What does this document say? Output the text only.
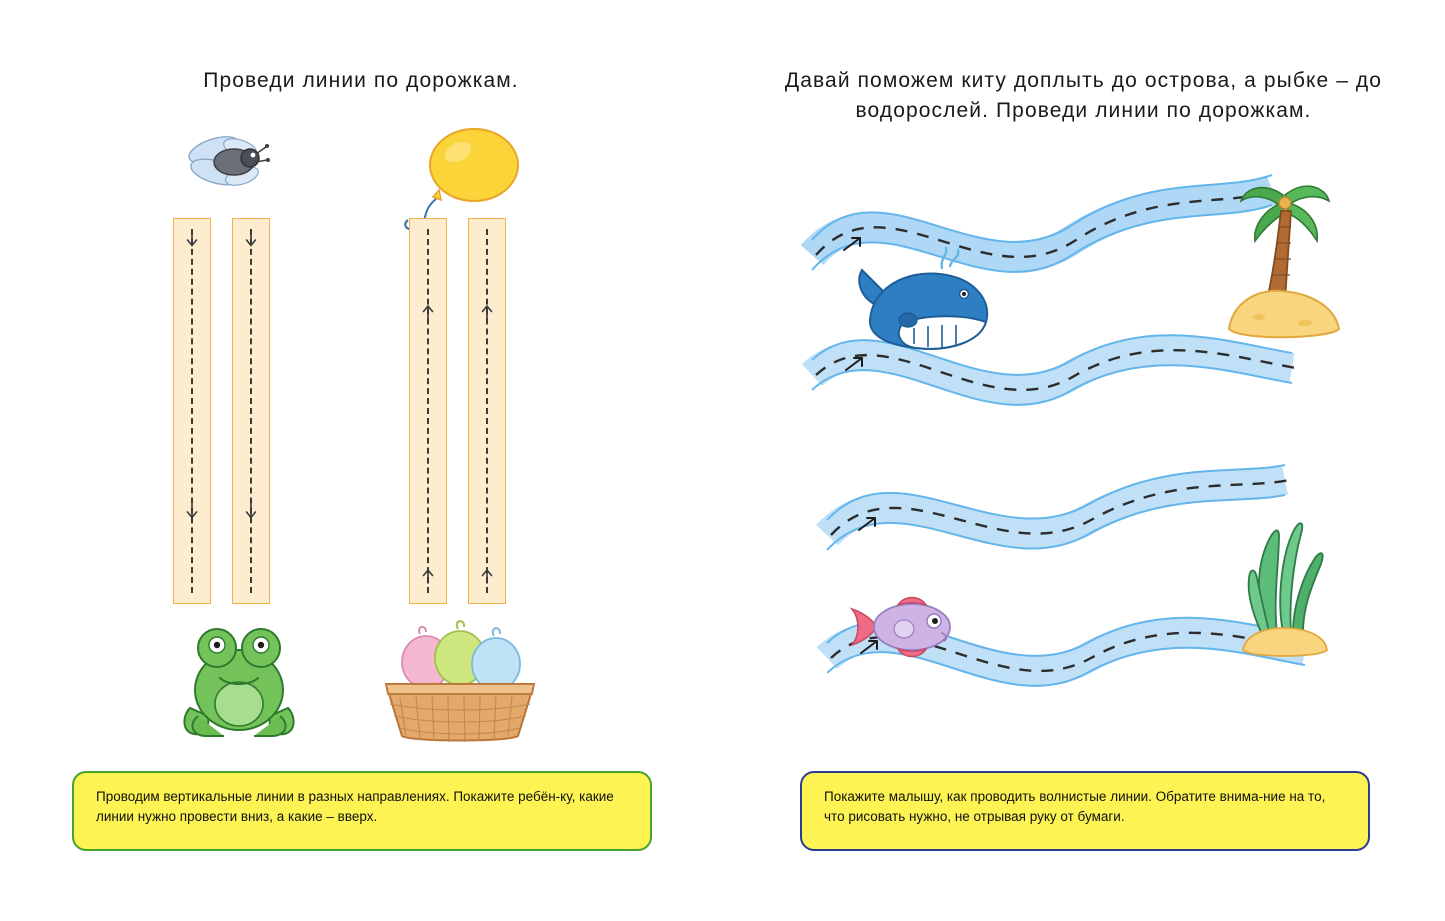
Проведи линии по дорожкам.
Проводим вертикальные линии в разных направлениях. Покажите ребён-ку, какие линии нужно провести вниз, а какие – вверх.
Давай поможем киту доплыть до острова, а рыбке – до водорослей. Проведи линии по дорожкам.
Покажите малышу, как проводить волнистые линии. Обратите внима-ние на то, что рисовать нужно, не отрывая руку от бумаги.
